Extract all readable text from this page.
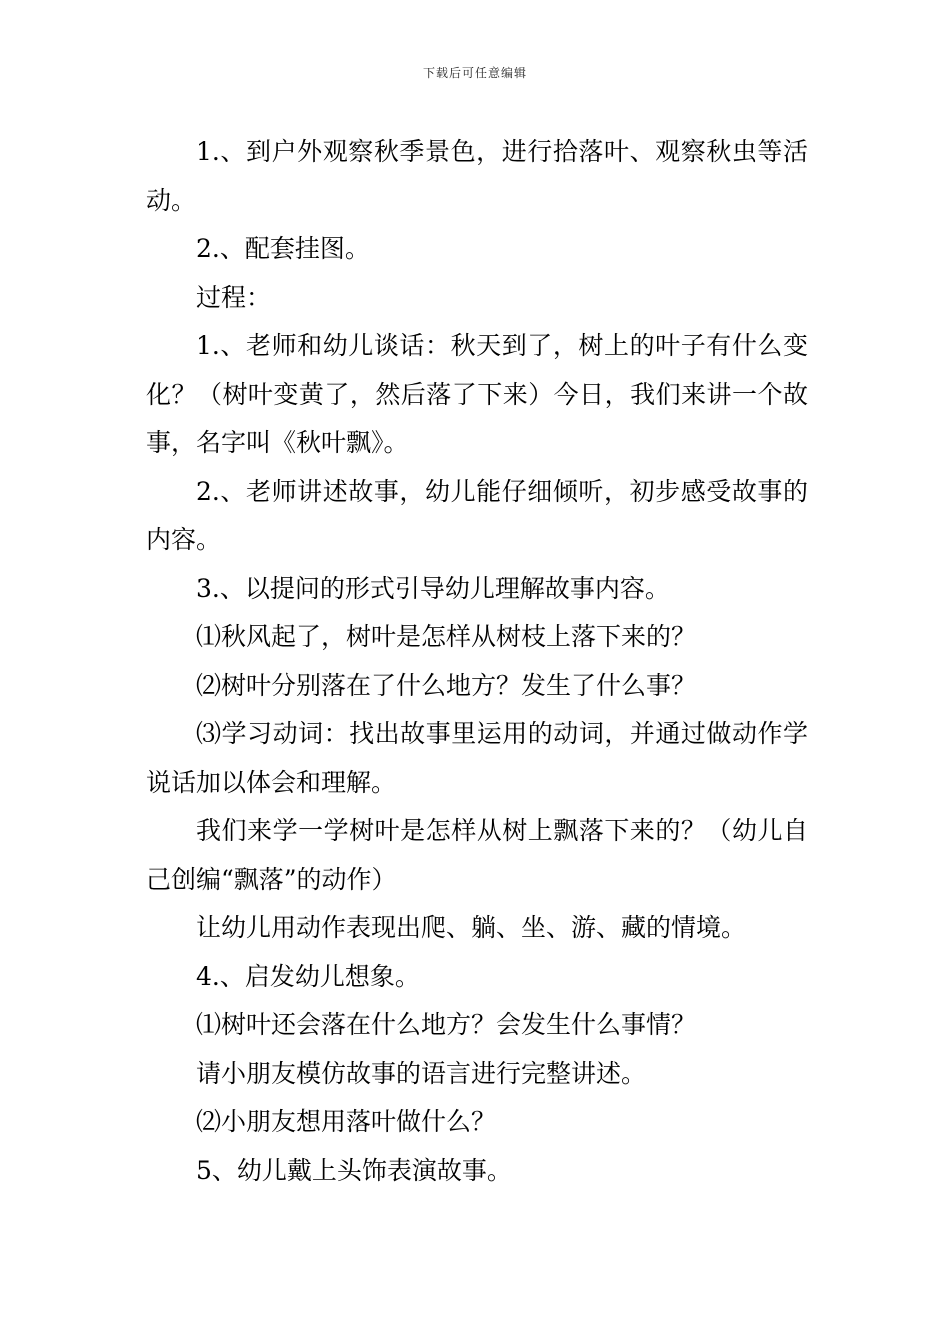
下载后可任意编辑

1.、到户外观察秋季景色，进行拾落叶、观察秋虫等活动。

2.、配套挂图。

过程：

1.、老师和幼儿谈话：秋天到了，树上的叶子有什么变化？（树叶变黄了，然后落了下来）今日，我们来讲一个故事，名字叫《秋叶飘》。

2.、老师讲述故事，幼儿能仔细倾听，初步感受故事的内容。

3.、以提问的形式引导幼儿理解故事内容。

⑴秋风起了，树叶是怎样从树枝上落下来的？

⑵树叶分别落在了什么地方？发生了什么事？

⑶学习动词：找出故事里运用的动词，并通过做动作学说话加以体会和理解。

我们来学一学树叶是怎样从树上飘落下来的？（幼儿自己创编“飘落”的动作）

让幼儿用动作表现出爬、躺、坐、游、藏的情境。

4.、启发幼儿想象。

⑴树叶还会落在什么地方？会发生什么事情？

请小朋友模仿故事的语言进行完整讲述。

⑵小朋友想用落叶做什么？

5、幼儿戴上头饰表演故事。
